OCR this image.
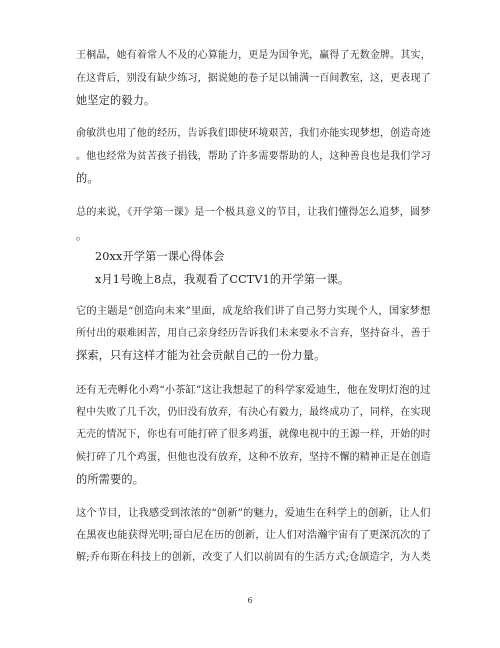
王桐晶，她有着常人不及的心算能力，更是为国争光，赢得了无数金牌。其实，
在这背后，别没有缺少练习，据说她的卷子足以铺满一百间教室，这，更表现了
她坚定的毅力。

俞敏洪也用了他的经历，告诉我们即使环境艰苦，我们亦能实现梦想，创造奇迹
。他也经常为贫苦孩子捐钱，帮助了许多需要帮助的人，这种善良也是我们学习
的。

总的来说，《开学第一课》是一个极具意义的节目，让我们懂得怎么追梦，圆梦
。

20xx开学第一课心得体会
x月1号晚上8点，我观看了CCTV1的开学第一课。

它的主题是“创造向未来”里面，成龙给我们讲了自己努力实现个人，国家梦想
所付出的艰难困苦，用自己亲身经历告诉我们未来要永不言弃，坚持奋斗，善于
探索，只有这样才能为社会贡献自己的一份力量。

还有无壳孵化小鸡“小茶缸”这让我想起了的科学家爱迪生，他在发明灯泡的过
程中失败了几千次，仍旧没有放弃，有決心有毅力，最终成功了，同样，在实现
无壳的情况下，你也有可能打碎了很多鸡蛋，就像电视中的王源一样，开始的时
候打碎了几个鸡蛋，但他也没有放弃，这种不放弃，坚持不懈的精神正是在创造
的所需要的。

这个节目，让我感受到浓浓的“创新”的魅力，爱迪生在科学上的创新，让人们
在黑夜也能获得光明;哥白尼在历的创新，让人们对浩瀚宇宙有了更深沉次的了
解;乔布斯在科技上的创新，改变了人们以前固有的生活方式;仓颉造字，为人类

6
